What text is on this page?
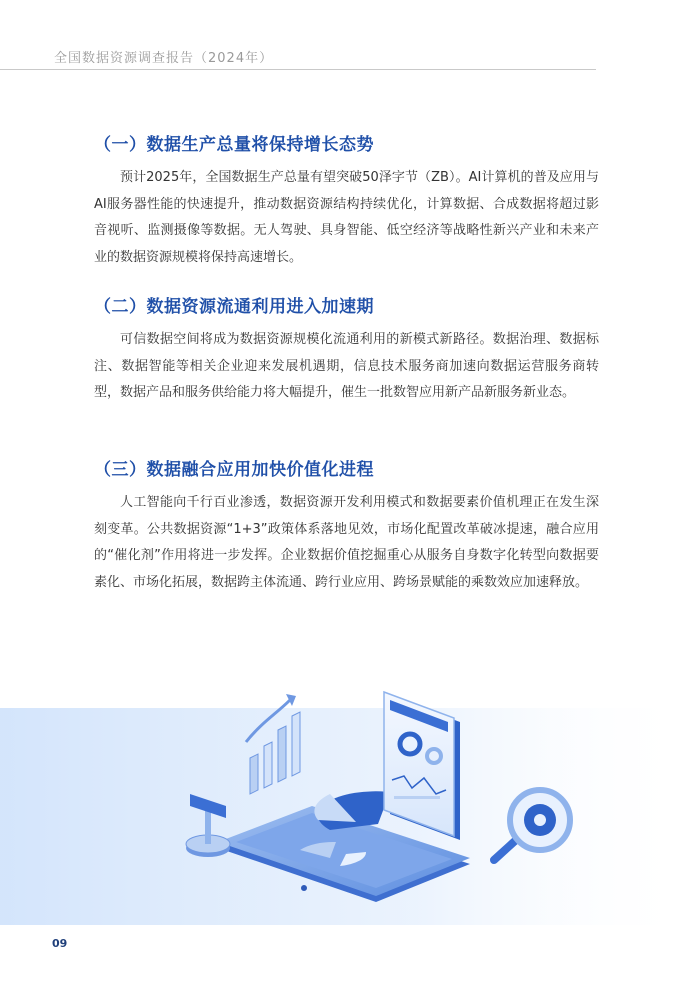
全国数据资源调查报告（2024年）
（一）数据生产总量将保持增长态势

预计2025年，全国数据生产总量有望突破50泽字节（ZB）。AI计算机的普及应用与AI服务器性能的快速提升，推动数据资源结构持续优化，计算数据、合成数据将超过影音视听、监测摄像等数据。无人驾驶、具身智能、低空经济等战略性新兴产业和未来产业的数据资源规模将保持高速增长。

（二）数据资源流通利用进入加速期

可信数据空间将成为数据资源规模化流通利用的新模式新路径。数据治理、数据标注、数据智能等相关企业迎来发展机遇期，信息技术服务商加速向数据运营服务商转型，数据产品和服务供给能力将大幅提升，催生一批数智应用新产品新服务新业态。

（三）数据融合应用加快价值化进程

人工智能向千行百业渗透，数据资源开发利用模式和数据要素价值机理正在发生深刻变革。公共数据资源“1+3”政策体系落地见效，市场化配置改革破冰提速，融合应用的“催化剂”作用将进一步发挥。企业数据价值挖掘重心从服务自身数字化转型向数据要素化、市场化拓展，数据跨主体流通、跨行业应用、跨场景赋能的乘数效应加速释放。

09
